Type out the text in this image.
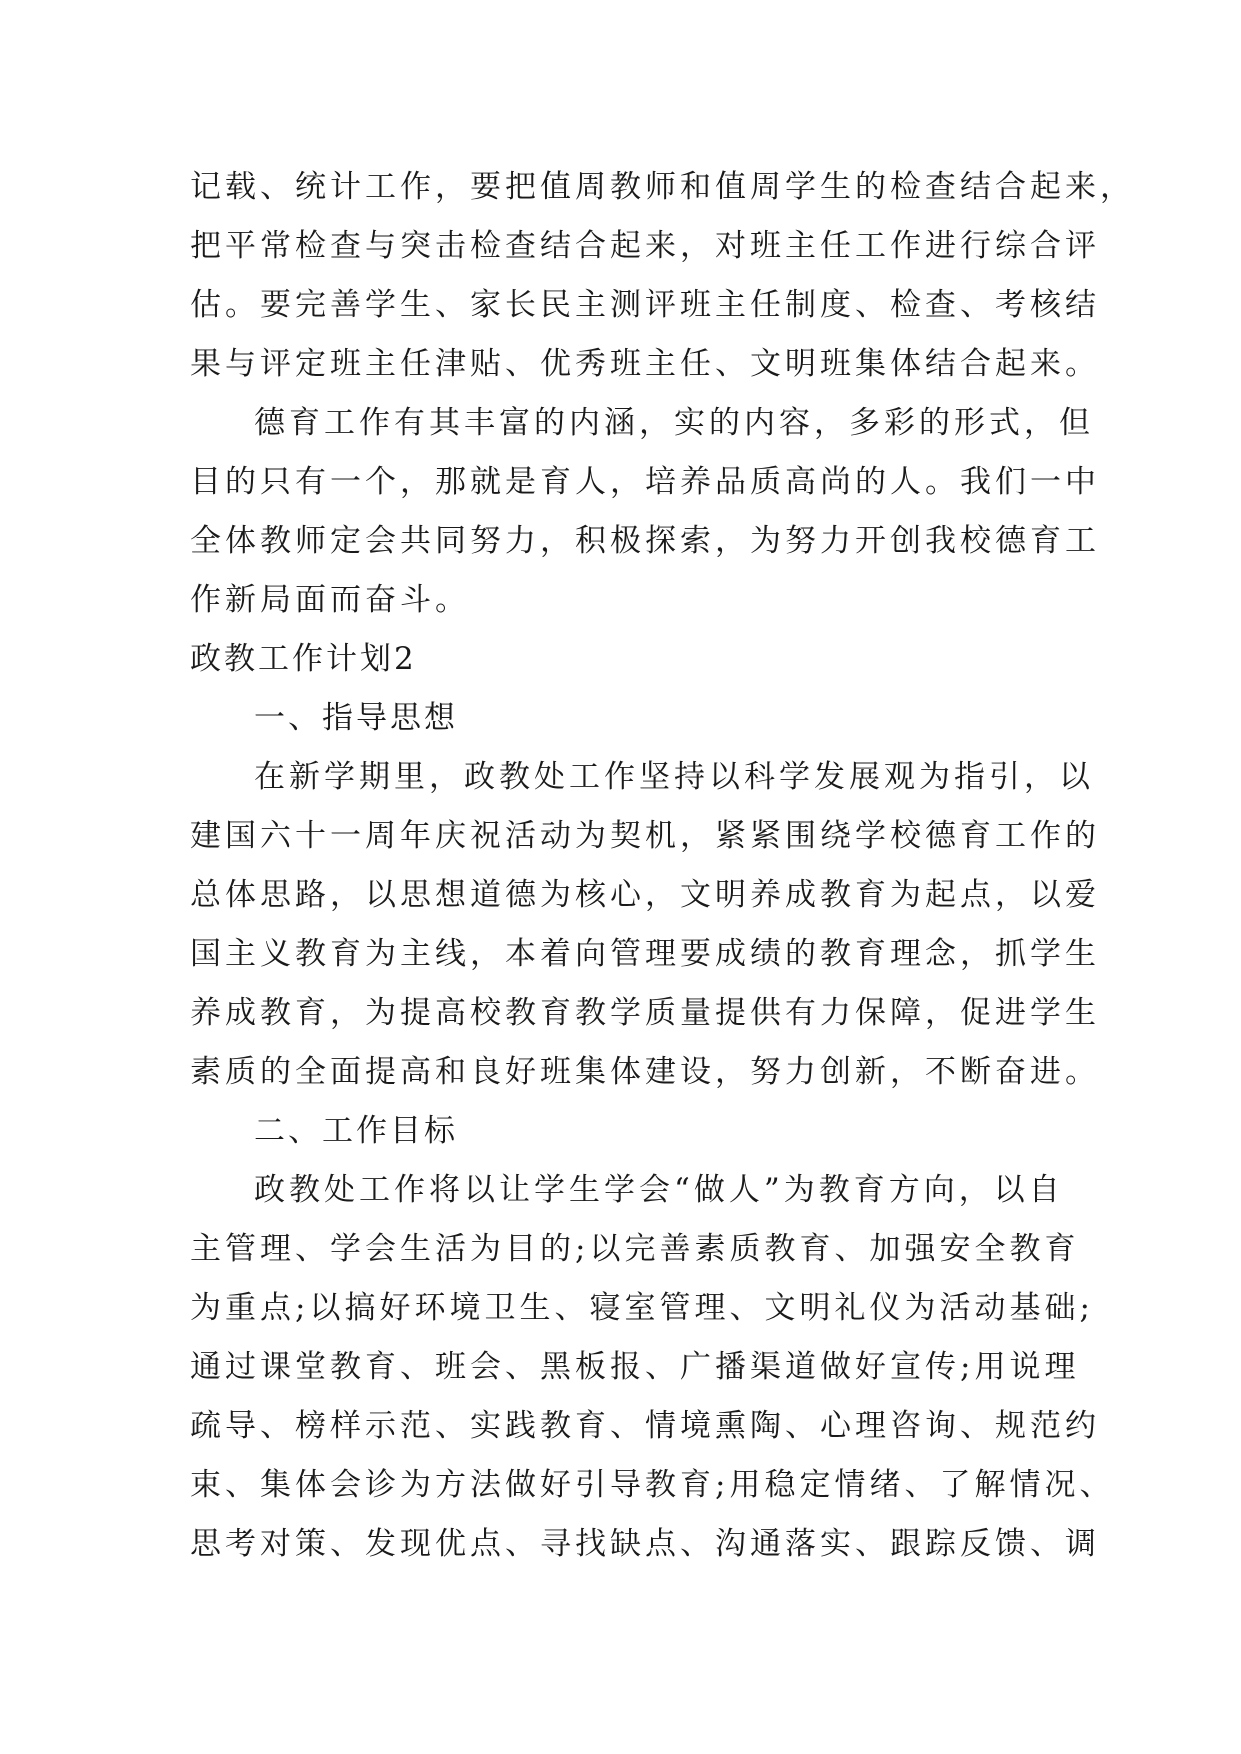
记载、统计工作，要把值周教师和值周学生的检查结合起来，
把平常检查与突击检查结合起来，对班主任工作进行综合评
估。要完善学生、家长民主测评班主任制度、检查、考核结
果与评定班主任津贴、优秀班主任、文明班集体结合起来。
德育工作有其丰富的内涵，实的内容，多彩的形式，但
目的只有一个，那就是育人，培养品质高尚的人。我们一中
全体教师定会共同努力，积极探索，为努力开创我校德育工
作新局面而奋斗。
政教工作计划2
一、指导思想
在新学期里，政教处工作坚持以科学发展观为指引，以
建国六十一周年庆祝活动为契机，紧紧围绕学校德育工作的
总体思路，以思想道德为核心，文明养成教育为起点，以爱
国主义教育为主线，本着向管理要成绩的教育理念，抓学生
养成教育，为提高校教育教学质量提供有力保障，促进学生
素质的全面提高和良好班集体建设，努力创新，不断奋进。
二、工作目标
政教处工作将以让学生学会“做人”为教育方向，以自
主管理、学会生活为目的;以完善素质教育、加强安全教育
为重点;以搞好环境卫生、寝室管理、文明礼仪为活动基础;
通过课堂教育、班会、黑板报、广播渠道做好宣传;用说理
疏导、榜样示范、实践教育、情境熏陶、心理咨询、规范约
束、集体会诊为方法做好引导教育;用稳定情绪、了解情况、
思考对策、发现优点、寻找缺点、沟通落实、跟踪反馈、调
